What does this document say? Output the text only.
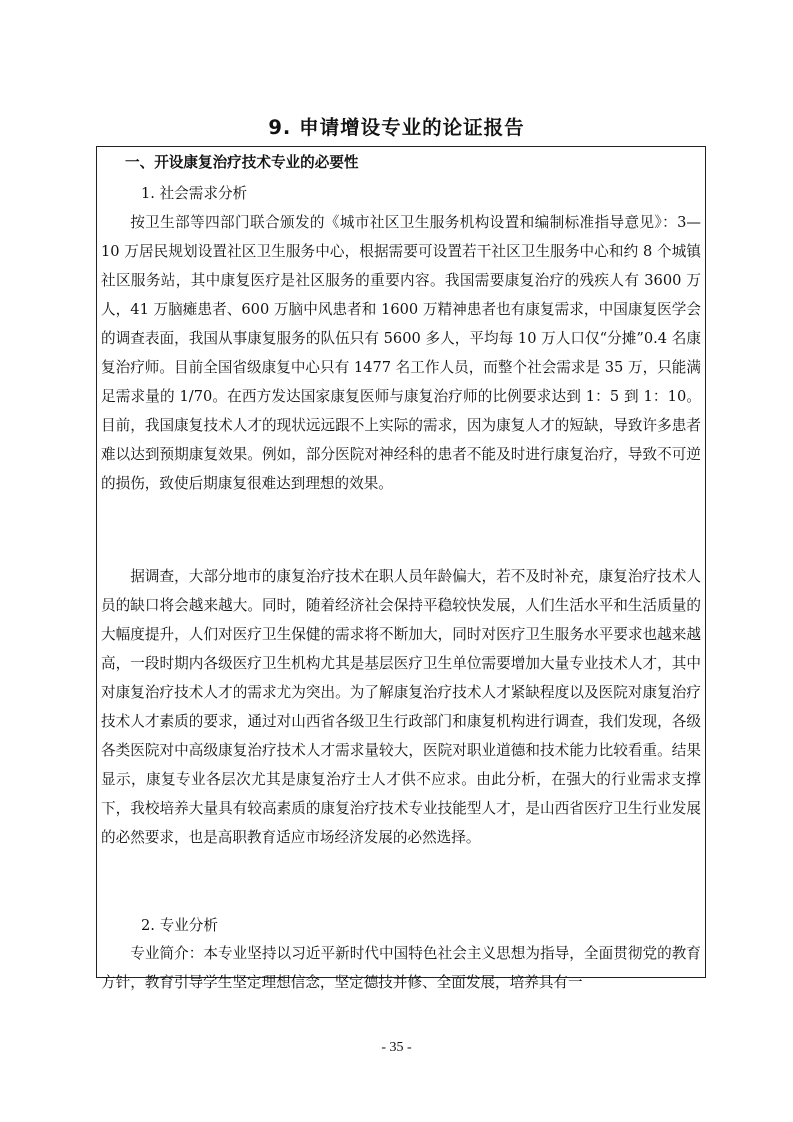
9. 申请增设专业的论证报告
一、开设康复治疗技术专业的必要性
1. 社会需求分析

按卫生部等四部门联合颁发的《城市社区卫生服务机构设置和编制标准指导意见》：3—10 万居民规划设置社区卫生服务中心，根据需要可设置若干社区卫生服务中心和约 8 个城镇社区服务站，其中康复医疗是社区服务的重要内容。我国需要康复治疗的残疾人有 3600 万人，41 万脑瘫患者、600 万脑中风患者和 1600 万精神患者也有康复需求，中国康复医学会的调查表面，我国从事康复服务的队伍只有 5600 多人，平均每 10 万人口仅“分摊”0.4 名康复治疗师。目前全国省级康复中心只有 1477 名工作人员，而整个社会需求是 35 万，只能满足需求量的 1/70。在西方发达国家康复医师与康复治疗师的比例要求达到 1：5 到 1：10。目前，我国康复技术人才的现状远远跟不上实际的需求，因为康复人才的短缺，导致许多患者难以达到预期康复效果。例如，部分医院对神经科的患者不能及时进行康复治疗，导致不可逆的损伤，致使后期康复很难达到理想的效果。

据调查，大部分地市的康复治疗技术在职人员年龄偏大，若不及时补充，康复治疗技术人员的缺口将会越来越大。同时，随着经济社会保持平稳较快发展，人们生活水平和生活质量的大幅度提升，人们对医疗卫生保健的需求将不断加大，同时对医疗卫生服务水平要求也越来越高，一段时期内各级医疗卫生机构尤其是基层医疗卫生单位需要增加大量专业技术人才，其中对康复治疗技术人才的需求尤为突出。为了解康复治疗技术人才紧缺程度以及医院对康复治疗技术人才素质的要求，通过对山西省各级卫生行政部门和康复机构进行调查，我们发现，各级各类医院对中高级康复治疗技术人才需求量较大，医院对职业道德和技术能力比较看重。结果显示，康复专业各层次尤其是康复治疗士人才供不应求。由此分析，在强大的行业需求支撑下，我校培养大量具有较高素质的康复治疗技术专业技能型人才，是山西省医疗卫生行业发展的必然要求，也是高职教育适应市场经济发展的必然选择。

2. 专业分析

专业简介：本专业坚持以习近平新时代中国特色社会主义思想为指导，全面贯彻党的教育方针，教育引导学生坚定理想信念，坚定德技并修、全面发展，培养具有一

- 35 -
